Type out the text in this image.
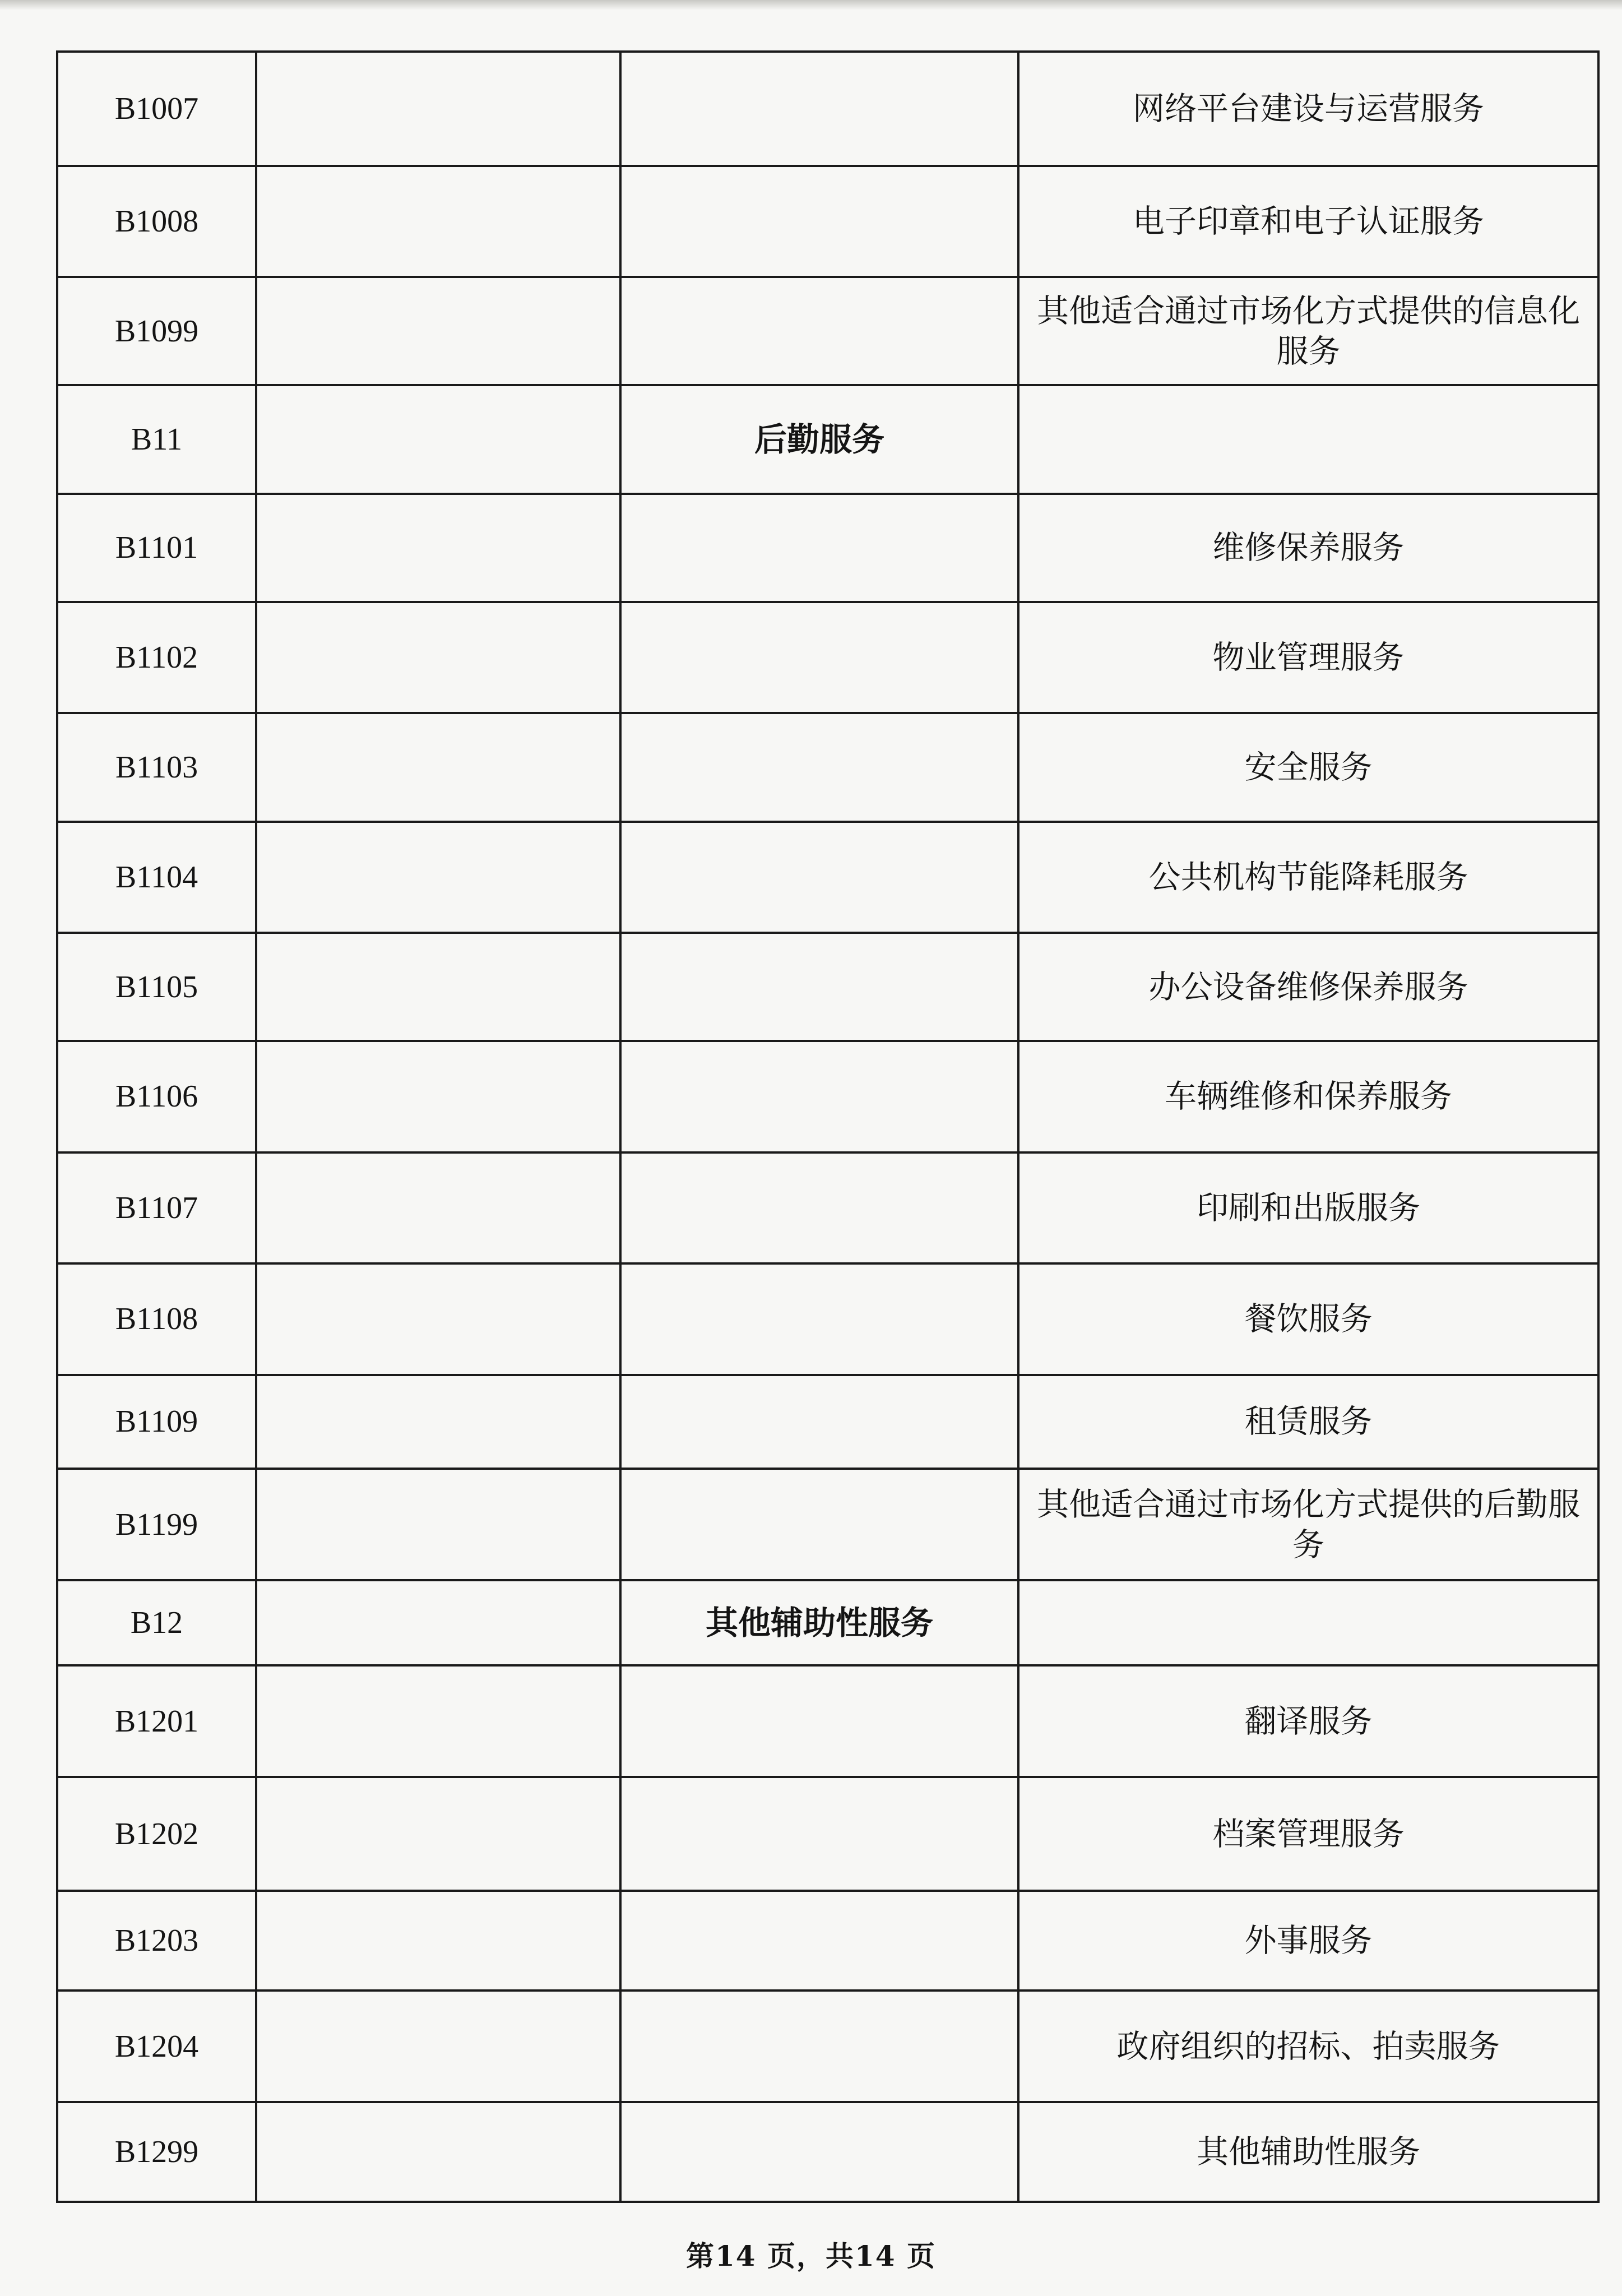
B1007			网络平台建设与运营服务
B1008			电子印章和电子认证服务
B1099			其他适合通过市场化方式提供的信息化服务
B11		后勤服务	
B1101			维修保养服务
B1102			物业管理服务
B1103			安全服务
B1104			公共机构节能降耗服务
B1105			办公设备维修保养服务
B1106			车辆维修和保养服务
B1107			印刷和出版服务
B1108			餐饮服务
B1109			租赁服务
B1199			其他适合通过市场化方式提供的后勤服务
B12		其他辅助性服务	
B1201			翻译服务
B1202			档案管理服务
B1203			外事服务
B1204			政府组织的招标、拍卖服务
B1299			其他辅助性服务
第14 页，共14 页
